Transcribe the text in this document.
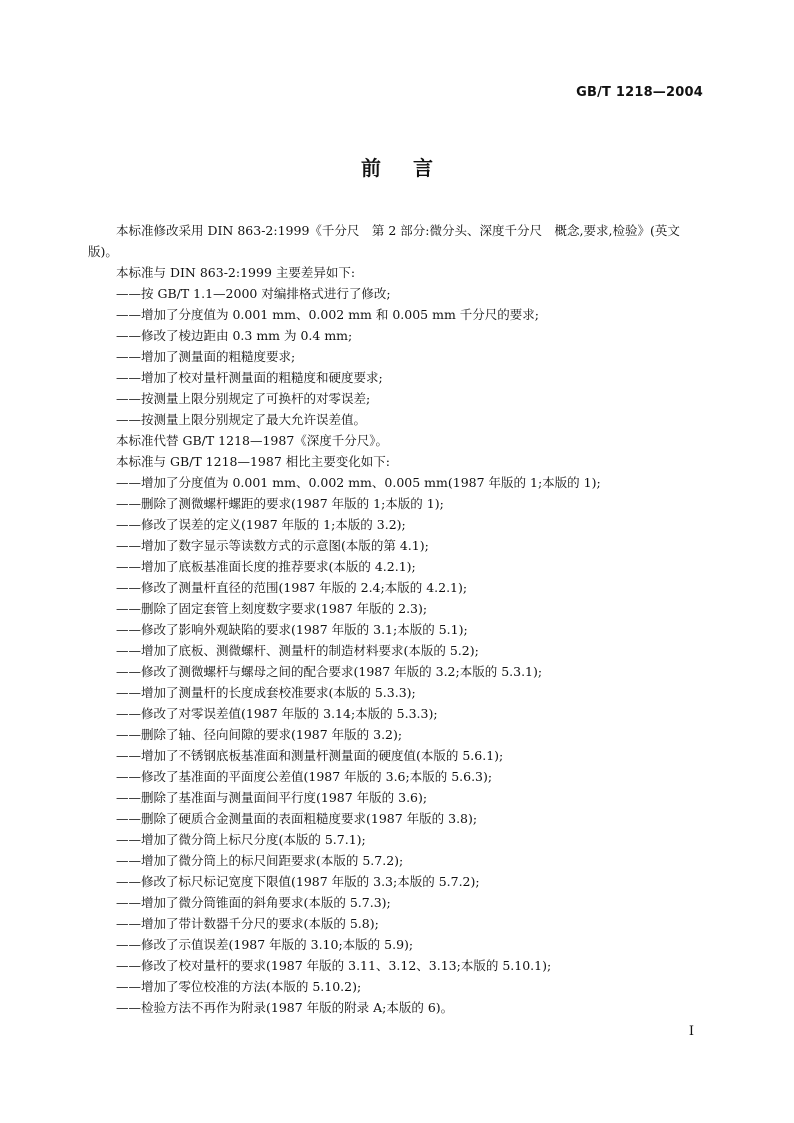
GB/T 1218—2004
前言

本标准修改采用 DIN 863-2:1999《千分尺　第 2 部分:微分头、深度千分尺　概念,要求,检验》(英文版)。

本标准与 DIN 863-2:1999 主要差异如下:

——按 GB/T 1.1—2000 对编排格式进行了修改;

——增加了分度值为 0.001 mm、0.002 mm 和 0.005 mm 千分尺的要求;

——修改了棱边距由 0.3 mm 为 0.4 mm;

——增加了测量面的粗糙度要求;

——增加了校对量杆测量面的粗糙度和硬度要求;

——按测量上限分别规定了可换杆的对零误差;

——按测量上限分别规定了最大允许误差值。

本标准代替 GB/T 1218—1987《深度千分尺》。

本标准与 GB/T 1218—1987 相比主要变化如下:

——增加了分度值为 0.001 mm、0.002 mm、0.005 mm(1987 年版的 1;本版的 1);

——删除了测微螺杆螺距的要求(1987 年版的 1;本版的 1);

——修改了误差的定义(1987 年版的 1;本版的 3.2);

——增加了数字显示等读数方式的示意图(本版的第 4.1);

——增加了底板基准面长度的推荐要求(本版的 4.2.1);

——修改了测量杆直径的范围(1987 年版的 2.4;本版的 4.2.1);

——删除了固定套管上刻度数字要求(1987 年版的 2.3);

——修改了影响外观缺陷的要求(1987 年版的 3.1;本版的 5.1);

——增加了底板、测微螺杆、测量杆的制造材料要求(本版的 5.2);

——修改了测微螺杆与螺母之间的配合要求(1987 年版的 3.2;本版的 5.3.1);

——增加了测量杆的长度成套校准要求(本版的 5.3.3);

——修改了对零误差值(1987 年版的 3.14;本版的 5.3.3);

——删除了轴、径向间隙的要求(1987 年版的 3.2);

——增加了不锈钢底板基准面和测量杆测量面的硬度值(本版的 5.6.1);

——修改了基准面的平面度公差值(1987 年版的 3.6;本版的 5.6.3);

——删除了基准面与测量面间平行度(1987 年版的 3.6);

——删除了硬质合金测量面的表面粗糙度要求(1987 年版的 3.8);

——增加了微分筒上标尺分度(本版的 5.7.1);

——增加了微分筒上的标尺间距要求(本版的 5.7.2);

——修改了标尺标记宽度下限值(1987 年版的 3.3;本版的 5.7.2);

——增加了微分筒锥面的斜角要求(本版的 5.7.3);

——增加了带计数器千分尺的要求(本版的 5.8);

——修改了示值误差(1987 年版的 3.10;本版的 5.9);

——修改了校对量杆的要求(1987 年版的 3.11、3.12、3.13;本版的 5.10.1);

——增加了零位校准的方法(本版的 5.10.2);

——检验方法不再作为附录(1987 年版的附录 A;本版的 6)。

I
